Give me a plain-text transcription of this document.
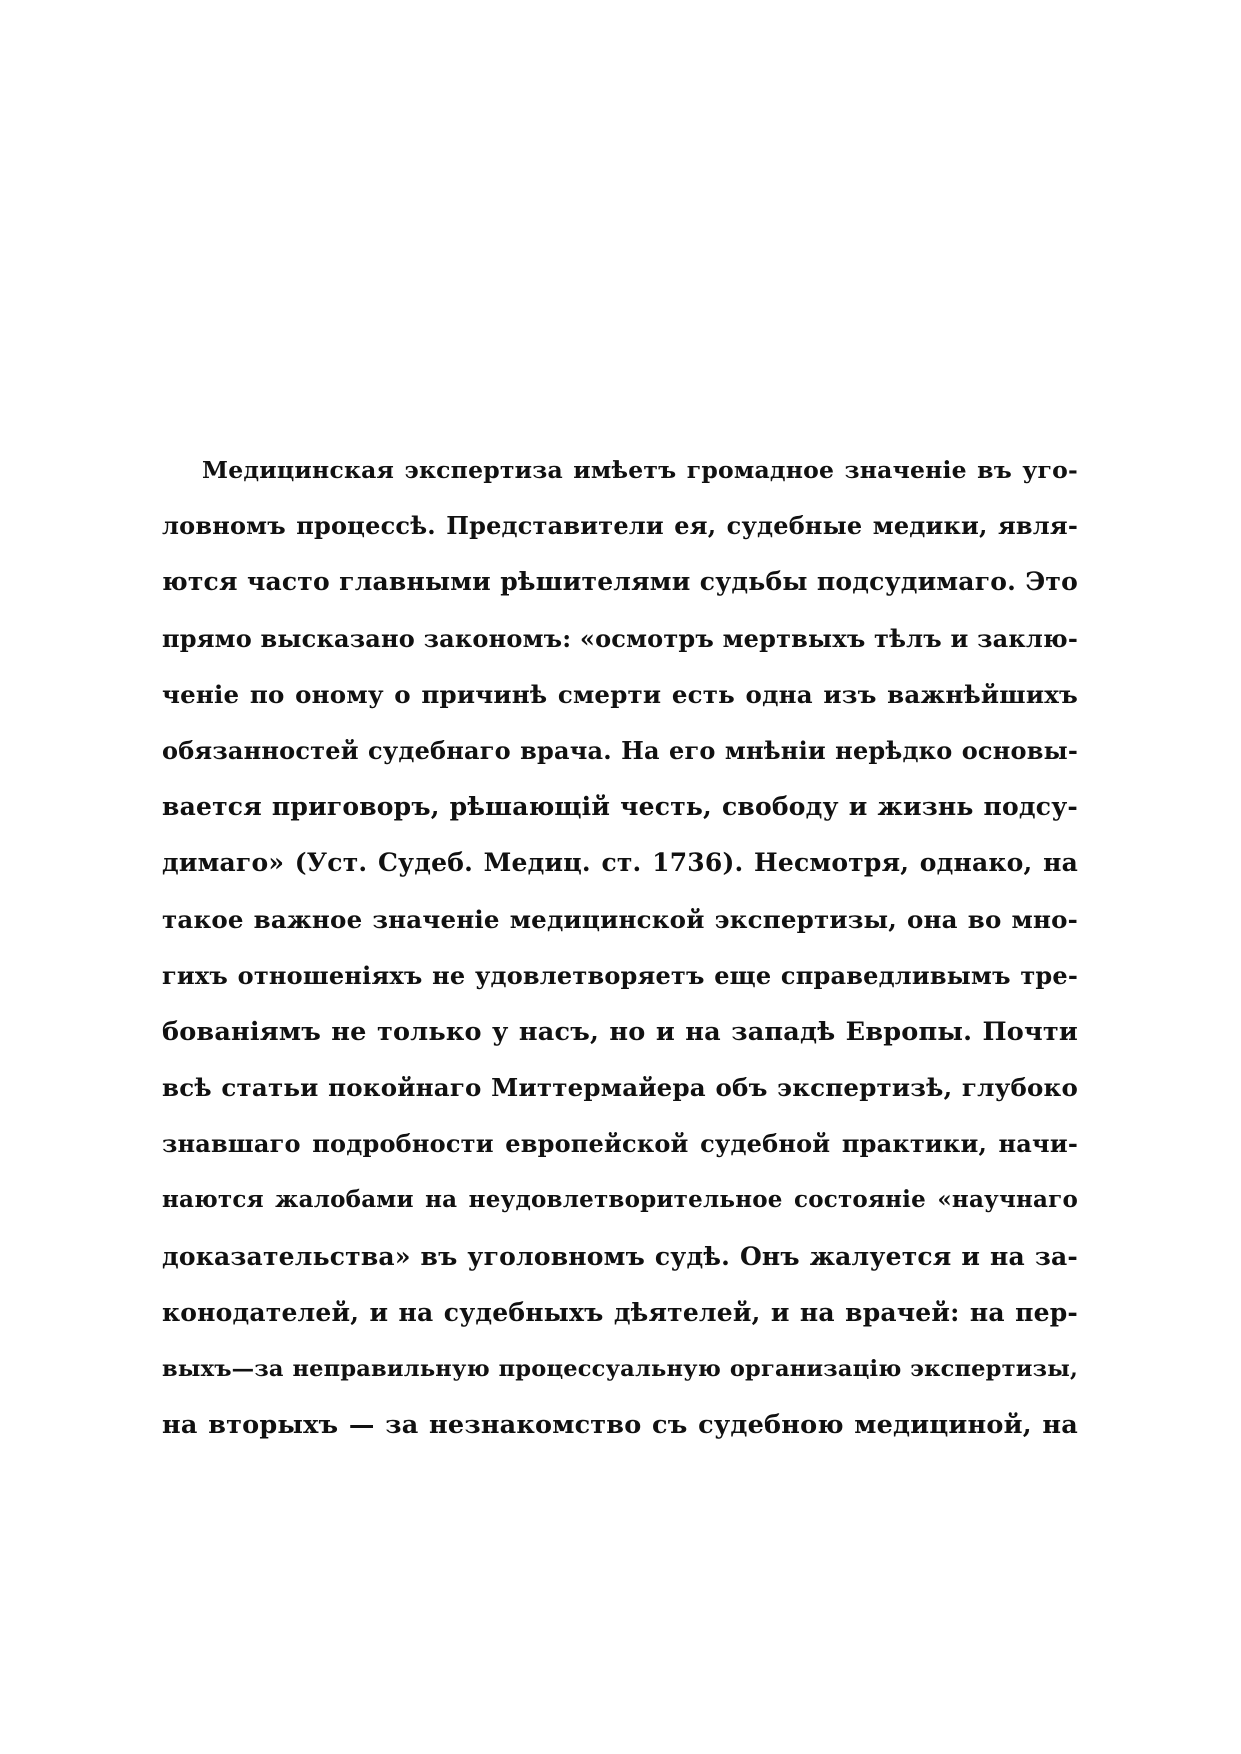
Медицинская экспертиза имѣетъ громадное значеніе въ уго-
ловномъ процессѣ. Представители ея, судебные медики, явля-
ются часто главными рѣшителями судьбы подсудимаго. Это
прямо высказано закономъ: «осмотръ мертвыхъ тѣлъ и заклю-
ченіе по оному о причинѣ смерти есть одна изъ важнѣйшихъ
обязанностей судебнаго врача. На его мнѣніи нерѣдко основы-
вается приговоръ, рѣшающій честь, свободу и жизнь подсу-
димаго» (Уст. Судеб. Медиц. ст. 1736). Несмотря, однако, на
такое важное значеніе медицинской экспертизы, она во мно-
гихъ отношеніяхъ не удовлетворяетъ еще справедливымъ тре-
бованіямъ не только у насъ, но и на западѣ Европы. Почти
всѣ статьи покойнаго Миттермайера объ экспертизѣ, глубоко
знавшаго подробности европейской судебной практики, начи-
наются жалобами на неудовлетворительное состояніе «научнаго
доказательства» въ уголовномъ судѣ. Онъ жалуется и на за-
конодателей, и на судебныхъ дѣятелей, и на врачей: на пер-
выхъ—за неправильную процессуальную организацію экспертизы,
на вторыхъ — за незнакомство съ судебною медициной, на
